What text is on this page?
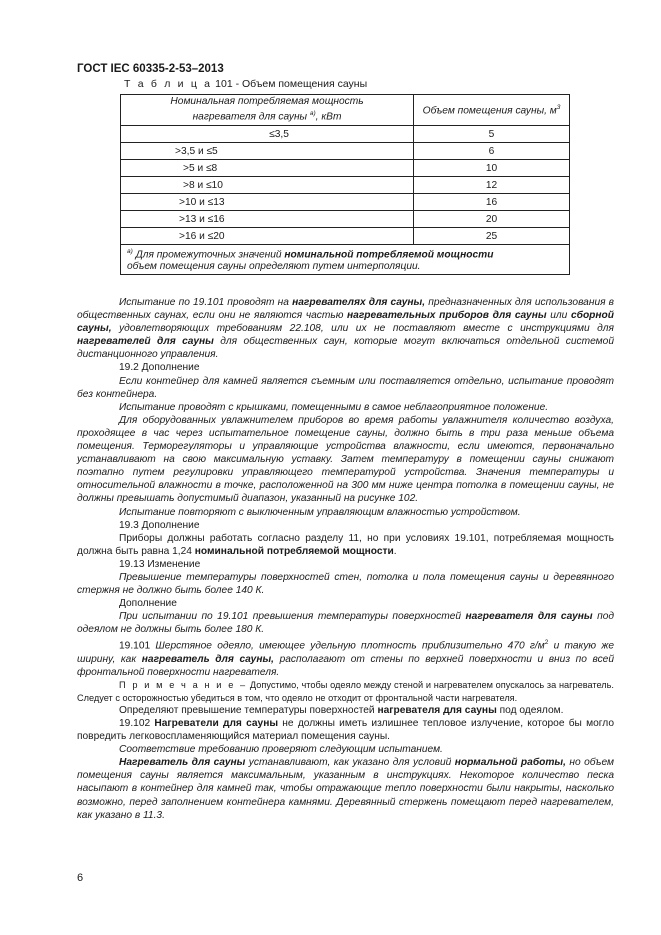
ГОСТ IEC 60335-2-53–2013
Т а б л и ц а 101 - Объем помещения сауны
Номинальная потребляемая мощность
нагревателя для сауны $^{а)}$, кВт	Объем помещения сауны, $м^3$
≤3,5	5
>3,5 и ≤5	6
>5 и ≤8	10
>8 и ≤10	12
>10 и ≤13	16
>13 и ≤16	20
>16 и ≤20	25
$^{а)}$ Для промежуточных значений номинальной потребляемой мощности
объем помещения сауны определяют путем интерполяции.	

Испытание по 19.101 проводят на нагревателях для сауны, предназначенных для использования в общественных саунах, если они не являются частью нагревательных приборов для сауны или сборной сауны, удовлетворяющих требованиям 22.108, или их не поставляют вместе с инструкциями для нагревателей для сауны для общественных саун, которые могут включаться отдельной системой дистанционного управления.

19.2 Дополнение

Если контейнер для камней является съемным или поставляется отдельно, испытание проводят без контейнера.

Испытание проводят с крышками, помещенными в самое неблагоприятное положение.

Для оборудованных увлажнителем приборов во время работы увлажнителя количество воздуха, проходящее в час через испытательное помещение сауны, должно быть в три раза меньше объема помещения. Терморегуляторы и управляющие устройства влажности, если имеются, первоначально устанавливают на свою максимальную уставку. Затем температуру в помещении сауны снижают поэтапно путем регулировки управляющего температурой устройства. Значения температуры и относительной влажности в точке, расположенной на 300 мм ниже центра потолка в помещении сауны, не должны превышать допустимый диапазон, указанный на рисунке 102.

Испытание повторяют с выключенным управляющим влажностью устройством.

19.3 Дополнение

Приборы должны работать согласно разделу 11, но при условиях 19.101, потребляемая мощность должна быть равна 1,24 номинальной потребляемой мощности.

19.13 Изменение

Превышение температуры поверхностей стен, потолка и пола помещения сауны и деревянного стержня не должно быть более 140 К.

Дополнение

При испытании по 19.101 превышения температуры поверхностей нагревателя для сауны под одеялом не должны быть более 180 К.

19.101 Шерстяное одеяло, имеющее удельную плотность приблизительно 470 $г/м^2$ и такую же ширину, как нагреватель для сауны, располагают от стены по верхней поверхности и вниз по всей фронтальной поверхности нагревателя.

П р и м е ч а н и е – Допустимо, чтобы одеяло между стеной и нагревателем опускалось за нагреватель. Следует с осторожностью убедиться в том, что одеяло не отходит от фронтальной части нагревателя.

Определяют превышение температуры поверхностей нагревателя для сауны под одеялом.

19.102 Нагреватели для сауны не должны иметь излишнее тепловое излучение, которое бы могло повредить легковоспламеняющийся материал помещения сауны.

Соответствие требованию проверяют следующим испытанием.

Нагреватель для сауны устанавливают, как указано для условий нормальной работы, но объем помещения сауны является максимальным, указанным в инструкциях. Некоторое количество песка насыпают в контейнер для камней так, чтобы отражающие тепло поверхности были накрыты, насколько возможно, перед заполнением контейнера камнями. Деревянный стержень помещают перед нагревателем, как указано в 11.3.

6
